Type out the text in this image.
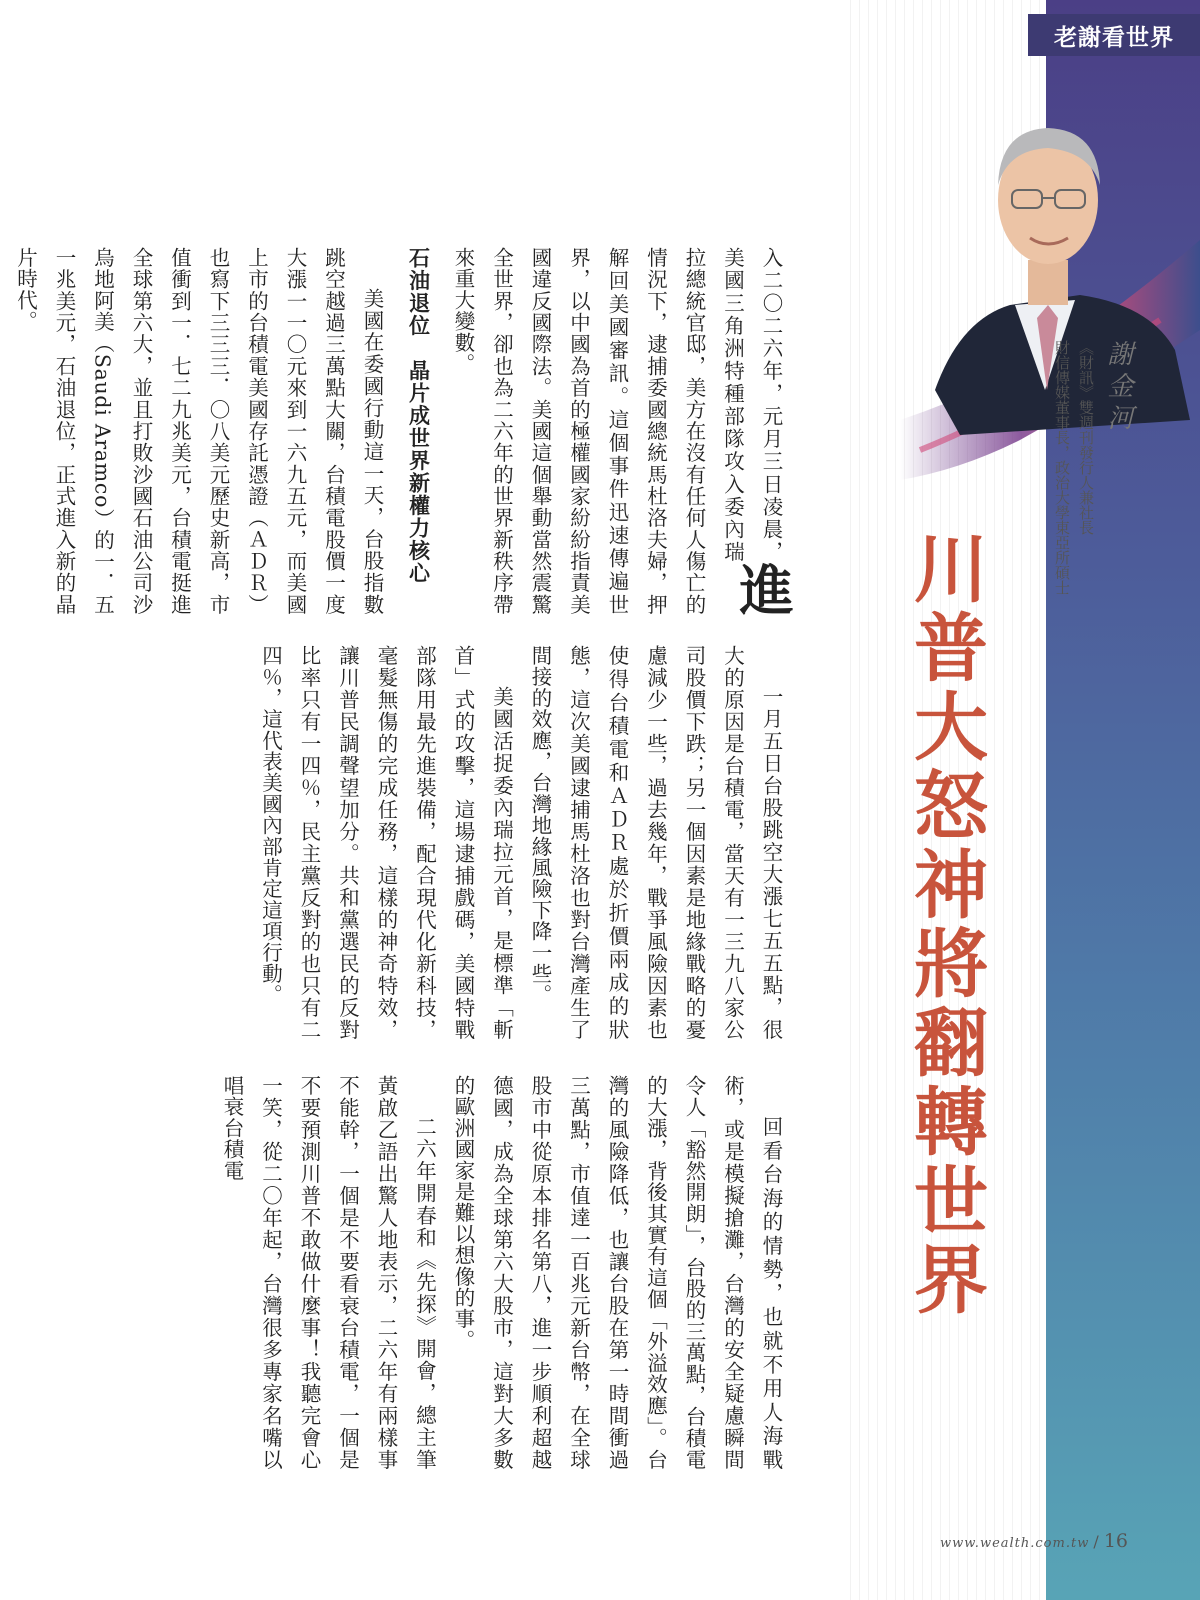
老謝看世界
川普大怒神將翻轉世界
謝金河
《財訊》雙週刊發行人兼社長
財信傳媒董事長，政治大學東亞所碩士

進
入二〇二六年，元月三日凌晨，美國三角洲特種部隊攻入委內瑞拉總統官邸，美方在沒有任何人傷亡的情況下，逮捕委國總統馬杜洛夫婦，押解回美國審訊。這個事件迅速傳遍世界，以中國為首的極權國家紛紛指責美國違反國際法。美國這個舉動當然震驚全世界，卻也為二六年的世界新秩序帶來重大變數。

石油退位　晶片成世界新權力核心

美國在委國行動這一天，台股指數跳空越過三萬點大關，台積電股價一度大漲一一〇元來到一六九五元，而美國上市的台積電美國存託憑證（ＡＤＲ）也寫下三三三．〇八美元歷史新高，市值衝到一．七二九兆美元，台積電挺進全球第六大，並且打敗沙國石油公司沙烏地阿美（Saudi Aramco）的一．五一兆美元，石油退位，正式進入新的晶片時代。

一月五日台股跳空大漲七五五點，很大的原因是台積電，當天有一三九八家公司股價下跌；另一個因素是地緣戰略的憂慮減少一些，過去幾年，戰爭風險因素也使得台積電和ＡＤＲ處於折價兩成的狀態，這次美國逮捕馬杜洛也對台灣產生了間接的效應，台灣地緣風險下降一些。

美國活捉委內瑞拉元首，是標準「斬首」式的攻擊，這場逮捕戲碼，美國特戰部隊用最先進裝備，配合現代化新科技，毫髮無傷的完成任務，這樣的神奇特效，讓川普民調聲望加分。共和黨選民的反對比率只有一四％，民主黨反對的也只有二四％，這代表美國內部肯定這項行動。

回看台海的情勢，也就不用人海戰術，或是模擬搶灘，台灣的安全疑慮瞬間令人「豁然開朗」，台股的三萬點，台積電的大漲，背後其實有這個「外溢效應」。台灣的風險降低，也讓台股在第一時間衝過三萬點，市值達一百兆元新台幣，在全球股市中從原本排名第八，進一步順利超越德國，成為全球第六大股市，這對大多數的歐洲國家是難以想像的事。

二六年開春和《先探》開會，總主筆黃啟乙語出驚人地表示，二六年有兩樣事不能幹，一個是不要看衰台積電，一個是不要預測川普不敢做什麼事！我聽完會心一笑，從二〇年起，台灣很多專家名嘴以唱衰台積電

www.wealth.com.tw / 16
